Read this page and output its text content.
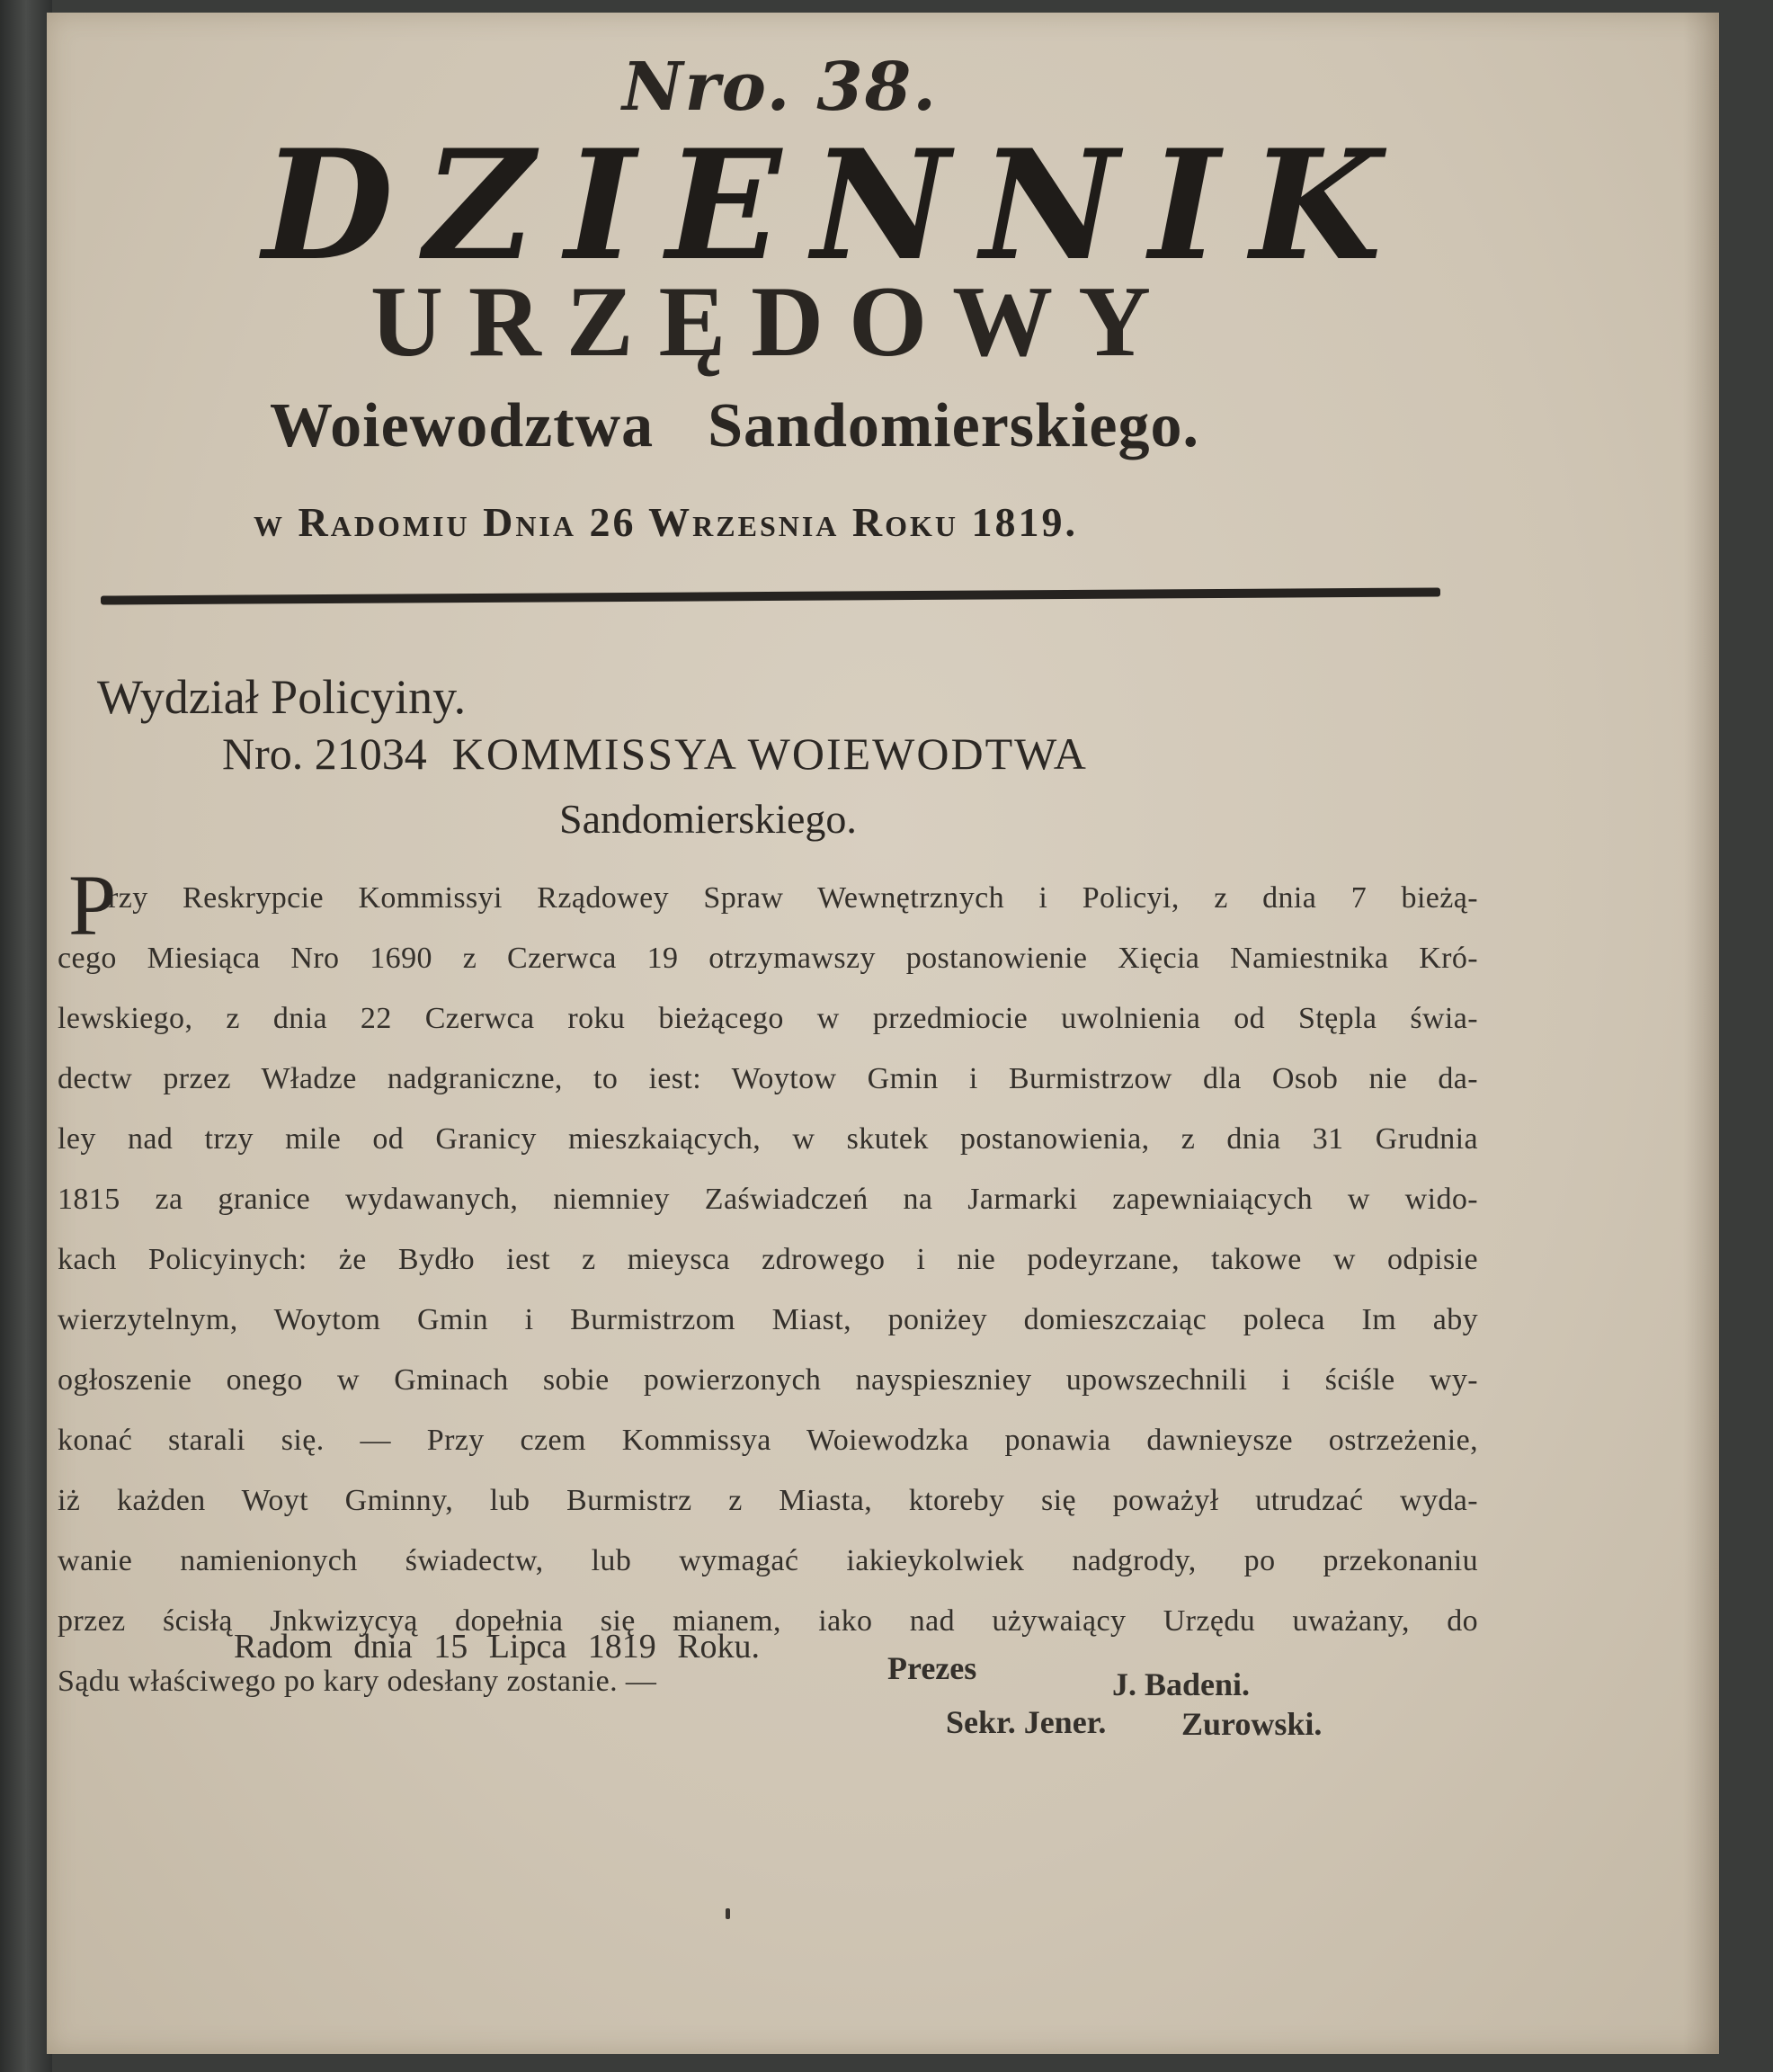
Nro. 38.
DZIENNIK
URZĘDOWY
Woiewodztwa Sandomierskiego.
w Radomiu Dnia 26 Wrzesnia Roku 1819.
Wydział Policyiny.
Nro. 21034 KOMMISSYA WOIEWODTWA
Sandomierskiego.
P
rzy Reskrypcie Kommissyi Rządowey Spraw Wewnętrznych i Policyi, z dnia 7 bieżą-
cego Miesiąca Nro 1690 z Czerwca 19 otrzymawszy postanowienie Xięcia Namiestnika Kró-
lewskiego, z dnia 22 Czerwca roku bieżącego w przedmiocie uwolnienia od Stępla świa-
dectw przez Władze nadgraniczne, to iest: Woytow Gmin i Burmistrzow dla Osob nie da-
ley nad trzy mile od Granicy mieszkaiących, w skutek postanowienia, z dnia 31 Grudnia
1815 za granice wydawanych, niemniey Zaświadczeń na Jarmarki zapewniaiących w wido-
kach Policyinych: że Bydło iest z mieysca zdrowego i nie podeyrzane, takowe w odpisie
wierzytelnym, Woytom Gmin i Burmistrzom Miast, poniżey domieszczaiąc poleca Im aby
ogłoszenie onego w Gminach sobie powierzonych nayspieszniey upowszechnili i ściśle wy-
konać starali się. — Przy czem Kommissya Woiewodzka ponawia dawnieysze ostrzeżenie,
iż każden Woyt Gminny, lub Burmistrz z Miasta, ktoreby się poważył utrudzać wyda-
wanie namienionych świadectw, lub wymagać iakieykolwiek nadgrody, po przekonaniu
przez ścisłą Jnkwizycyą dopełnia się mianem, iako nad używaiący Urzędu uważany, do
Sądu właściwego po kary odesłany zostanie. —
Radom dnia 15 Lipca 1819 Roku.
Prezes	J. Badeni.
Sekr. Jener. Zurowski.
